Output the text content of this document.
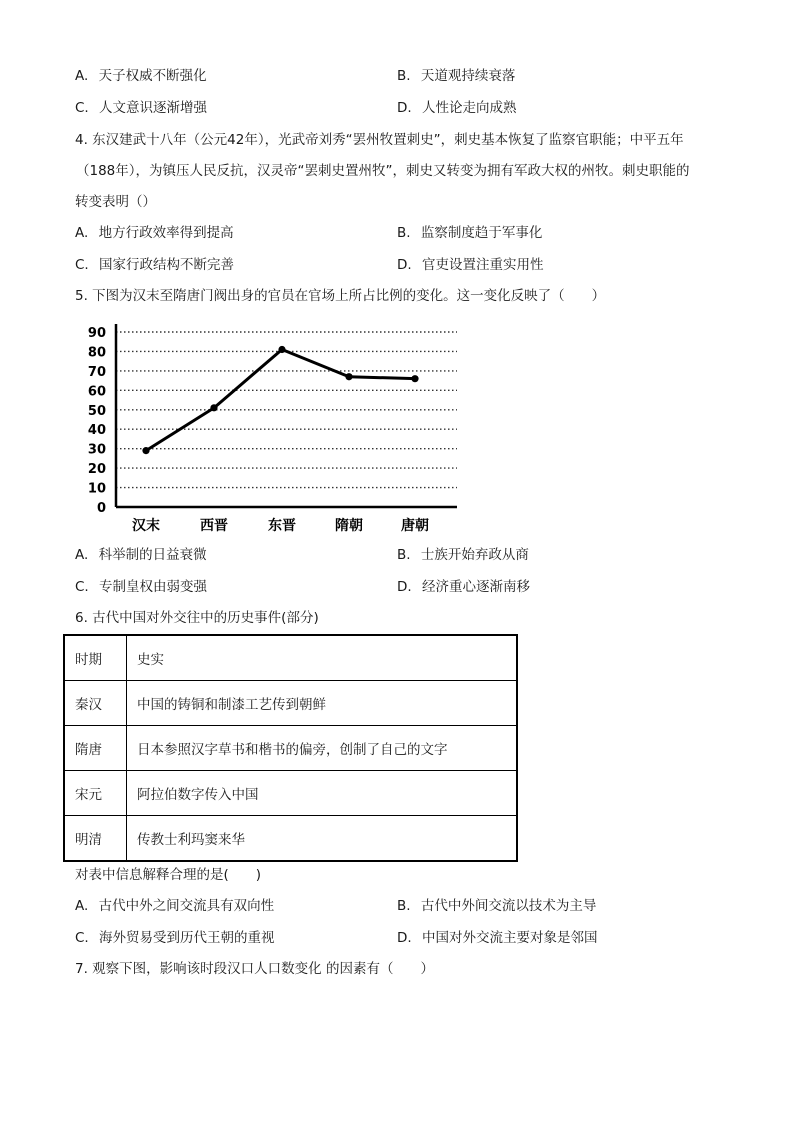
A. 天子权威不断强化	B. 天道观持续衰落
C. 人文意识逐渐增强	D. 人性论走向成熟
4. 东汉建武十八年（公元42年），光武帝刘秀“罢州牧置刺史”，刺史基本恢复了监察官职能；中平五年
（188年），为镇压人民反抗，汉灵帝“罢刺史置州牧”，刺史又转变为拥有军政大权的州牧。刺史职能的
转变表明（）
A. 地方行政效率得到提高	B. 监察制度趋于军事化
C. 国家行政结构不断完善	D. 官吏设置注重实用性
5. 下图为汉末至隋唐门阀出身的官员在官场上所占比例的变化。这一变化反映了（　　）
90
80
70
60
50
40
30
20
10
0
汉末	西晋	东晋	隋朝	唐朝
A. 科举制的日益衰微	B. 士族开始弃政从商
C. 专制皇权由弱变强	D. 经济重心逐渐南移
6. 古代中国对外交往中的历史事件(部分)
时期	史实
秦汉	中国的铸铜和制漆工艺传到朝鲜
隋唐	日本参照汉字草书和楷书的偏旁，创制了自己的文字
宋元	阿拉伯数字传入中国
明清	传教士利玛窦来华
对表中信息解释合理的是(　　)
A. 古代中外之间交流具有双向性	B. 古代中外间交流以技术为主导
C. 海外贸易受到历代王朝的重视	D. 中国对外交流主要对象是邻国
7. 观察下图，影响该时段汉口人口数变化 的因素有（　　）
